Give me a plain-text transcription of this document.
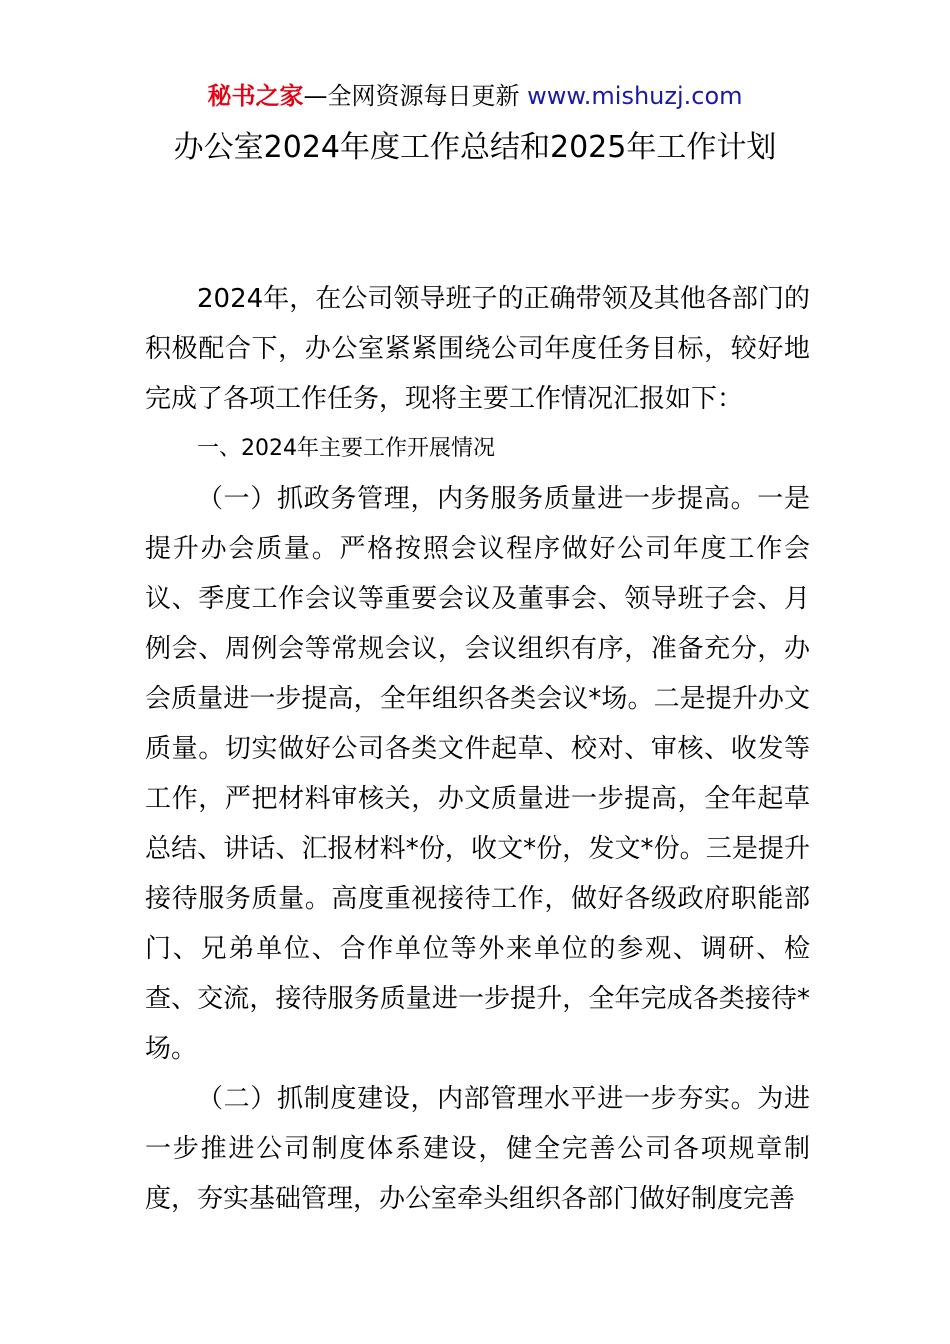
秘书之家—全网资源每日更新 www.mishuzj.com
办公室2024年度工作总结和2025年工作计划

2024年，在公司领导班子的正确带领及其他各部门的积极配合下，办公室紧紧围绕公司年度任务目标，较好地完成了各项工作任务，现将主要工作情况汇报如下：

一、2024年主要工作开展情况

（一）抓政务管理，内务服务质量进一步提高。一是提升办会质量。严格按照会议程序做好公司年度工作会议、季度工作会议等重要会议及董事会、领导班子会、月例会、周例会等常规会议，会议组织有序，准备充分，办会质量进一步提高，全年组织各类会议*场。二是提升办文质量。切实做好公司各类文件起草、校对、审核、收发等工作，严把材料审核关，办文质量进一步提高，全年起草总结、讲话、汇报材料*份，收文*份，发文*份。三是提升接待服务质量。高度重视接待工作，做好各级政府职能部门、兄弟单位、合作单位等外来单位的参观、调研、检查、交流，接待服务质量进一步提升，全年完成各类接待*场。

（二）抓制度建设，内部管理水平进一步夯实。为进一步推进公司制度体系建设，健全完善公司各项规章制度，夯实基础管理，办公室牵头组织各部门做好制度完善
